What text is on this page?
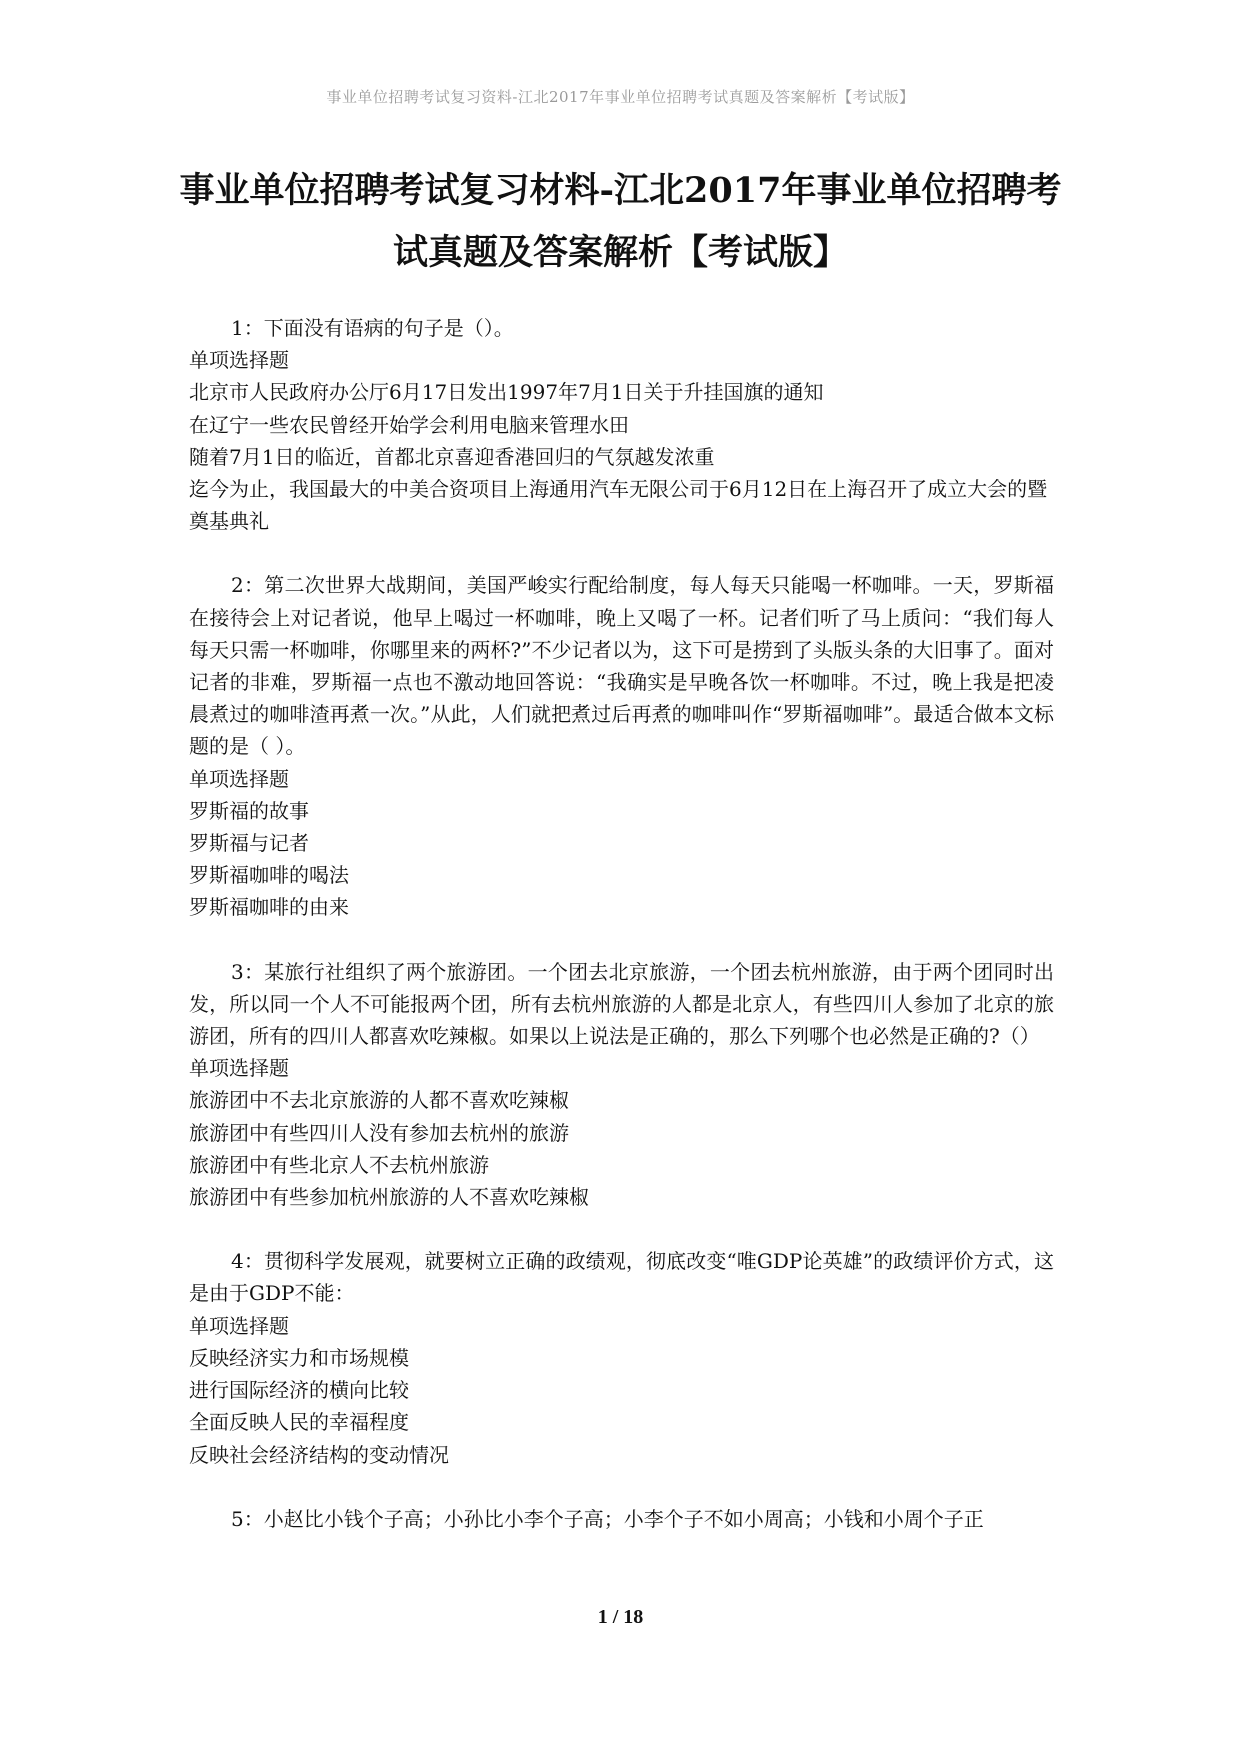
事业单位招聘考试复习资料-江北2017年事业单位招聘考试真题及答案解析【考试版】
事业单位招聘考试复习材料-江北2017年事业单位招聘考
试真题及答案解析【考试版】

1：下面没有语病的句子是（）。

单项选择题

北京市人民政府办公厅6月17日发出1997年7月1日关于升挂国旗的通知

在辽宁一些农民曾经开始学会利用电脑来管理水田

随着7月1日的临近，首都北京喜迎香港回归的气氛越发浓重

迄今为止，我国最大的中美合资项目上海通用汽车无限公司于6月12日在上海召开了成立大会的暨奠基典礼

2：第二次世界大战期间，美国严峻实行配给制度，每人每天只能喝一杯咖啡。一天，罗斯福在接待会上对记者说，他早上喝过一杯咖啡，晚上又喝了一杯。记者们听了马上质问：“我们每人每天只需一杯咖啡，你哪里来的两杯?”不少记者以为，这下可是捞到了头版头条的大旧事了。面对记者的非难，罗斯福一点也不激动地回答说：“我确实是早晚各饮一杯咖啡。不过，晚上我是把凌晨煮过的咖啡渣再煮一次。”从此，人们就把煮过后再煮的咖啡叫作“罗斯福咖啡”。最适合做本文标题的是（ ）。

单项选择题

罗斯福的故事

罗斯福与记者

罗斯福咖啡的喝法

罗斯福咖啡的由来

3：某旅行社组织了两个旅游团。一个团去北京旅游，一个团去杭州旅游，由于两个团同时出发，所以同一个人不可能报两个团，所有去杭州旅游的人都是北京人，有些四川人参加了北京的旅游团，所有的四川人都喜欢吃辣椒。如果以上说法是正确的，那么下列哪个也必然是正确的?（）

单项选择题

旅游团中不去北京旅游的人都不喜欢吃辣椒

旅游团中有些四川人没有参加去杭州的旅游

旅游团中有些北京人不去杭州旅游

旅游团中有些参加杭州旅游的人不喜欢吃辣椒

4：贯彻科学发展观，就要树立正确的政绩观，彻底改变“唯GDP论英雄”的政绩评价方式，这是由于GDP不能：

单项选择题

反映经济实力和市场规模

进行国际经济的横向比较

全面反映人民的幸福程度

反映社会经济结构的变动情况

5：小赵比小钱个子高；小孙比小李个子高；小李个子不如小周高；小钱和小周个子正

1 / 18
